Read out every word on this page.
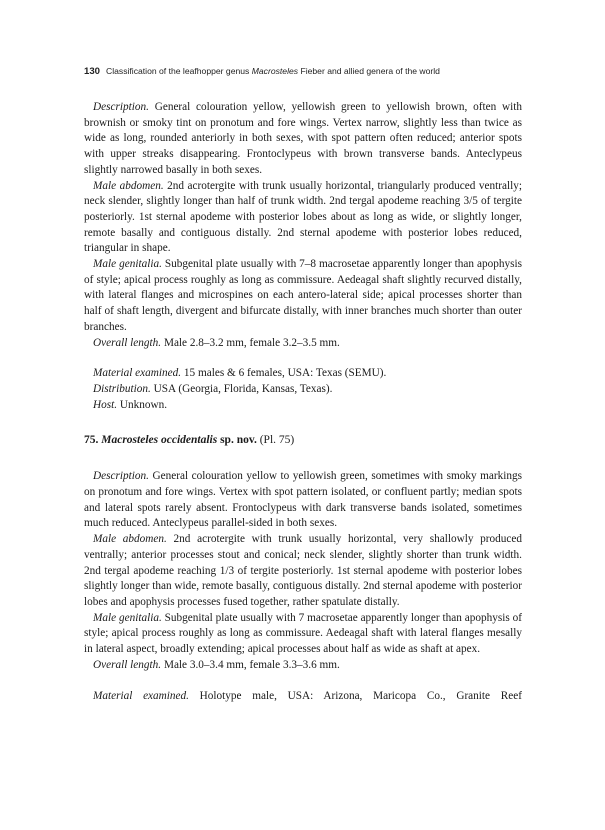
130 Classification of the leafhopper genus Macrosteles Fieber and allied genera of the world

Description. General colouration yellow, yellowish green to yellowish brown, often with brownish or smoky tint on pronotum and fore wings. Vertex narrow, slightly less than twice as wide as long, rounded anteriorly in both sexes, with spot pattern often reduced; anterior spots with upper streaks disappearing. Frontoclypeus with brown transverse bands. Anteclypeus slightly narrowed basally in both sexes.

Male abdomen. 2nd acrotergite with trunk usually horizontal, triangularly produced ventrally; neck slender, slightly longer than half of trunk width. 2nd tergal apodeme reaching 3/5 of tergite posteriorly. 1st sternal apodeme with posterior lobes about as long as wide, or slightly longer, remote basally and contiguous distally. 2nd sternal apodeme with posterior lobes reduced, triangular in shape.

Male genitalia. Subgenital plate usually with 7–8 macrosetae apparently longer than apophysis of style; apical process roughly as long as commissure. Aedeagal shaft slightly recurved distally, with lateral flanges and microspines on each antero-lateral side; apical processes shorter than half of shaft length, divergent and bifurcate distally, with inner branches much shorter than outer branches.

Overall length. Male 2.8–3.2 mm, female 3.2–3.5 mm.

Material examined. 15 males & 6 females, USA: Texas (SEMU).

Distribution. USA (Georgia, Florida, Kansas, Texas).

Host. Unknown.

75. Macrosteles occidentalis sp. nov. (Pl. 75)

Description. General colouration yellow to yellowish green, sometimes with smoky markings on pronotum and fore wings. Vertex with spot pattern isolated, or confluent partly; median spots and lateral spots rarely absent. Frontoclypeus with dark transverse bands isolated, sometimes much reduced. Anteclypeus parallel-sided in both sexes.

Male abdomen. 2nd acrotergite with trunk usually horizontal, very shallowly produced ventrally; anterior processes stout and conical; neck slender, slightly shorter than trunk width. 2nd tergal apodeme reaching 1/3 of tergite posteriorly. 1st sternal apodeme with posterior lobes slightly longer than wide, remote basally, contiguous distally. 2nd sternal apodeme with posterior lobes and apophysis processes fused together, rather spatulate distally.

Male genitalia. Subgenital plate usually with 7 macrosetae apparently longer than apophysis of style; apical process roughly as long as commissure. Aedeagal shaft with lateral flanges mesally in lateral aspect, broadly extending; apical processes about half as wide as shaft at apex.

Overall length. Male 3.0–3.4 mm, female 3.3–3.6 mm.

Material examined. Holotype male, USA: Arizona, Maricopa Co., Granite Reef
